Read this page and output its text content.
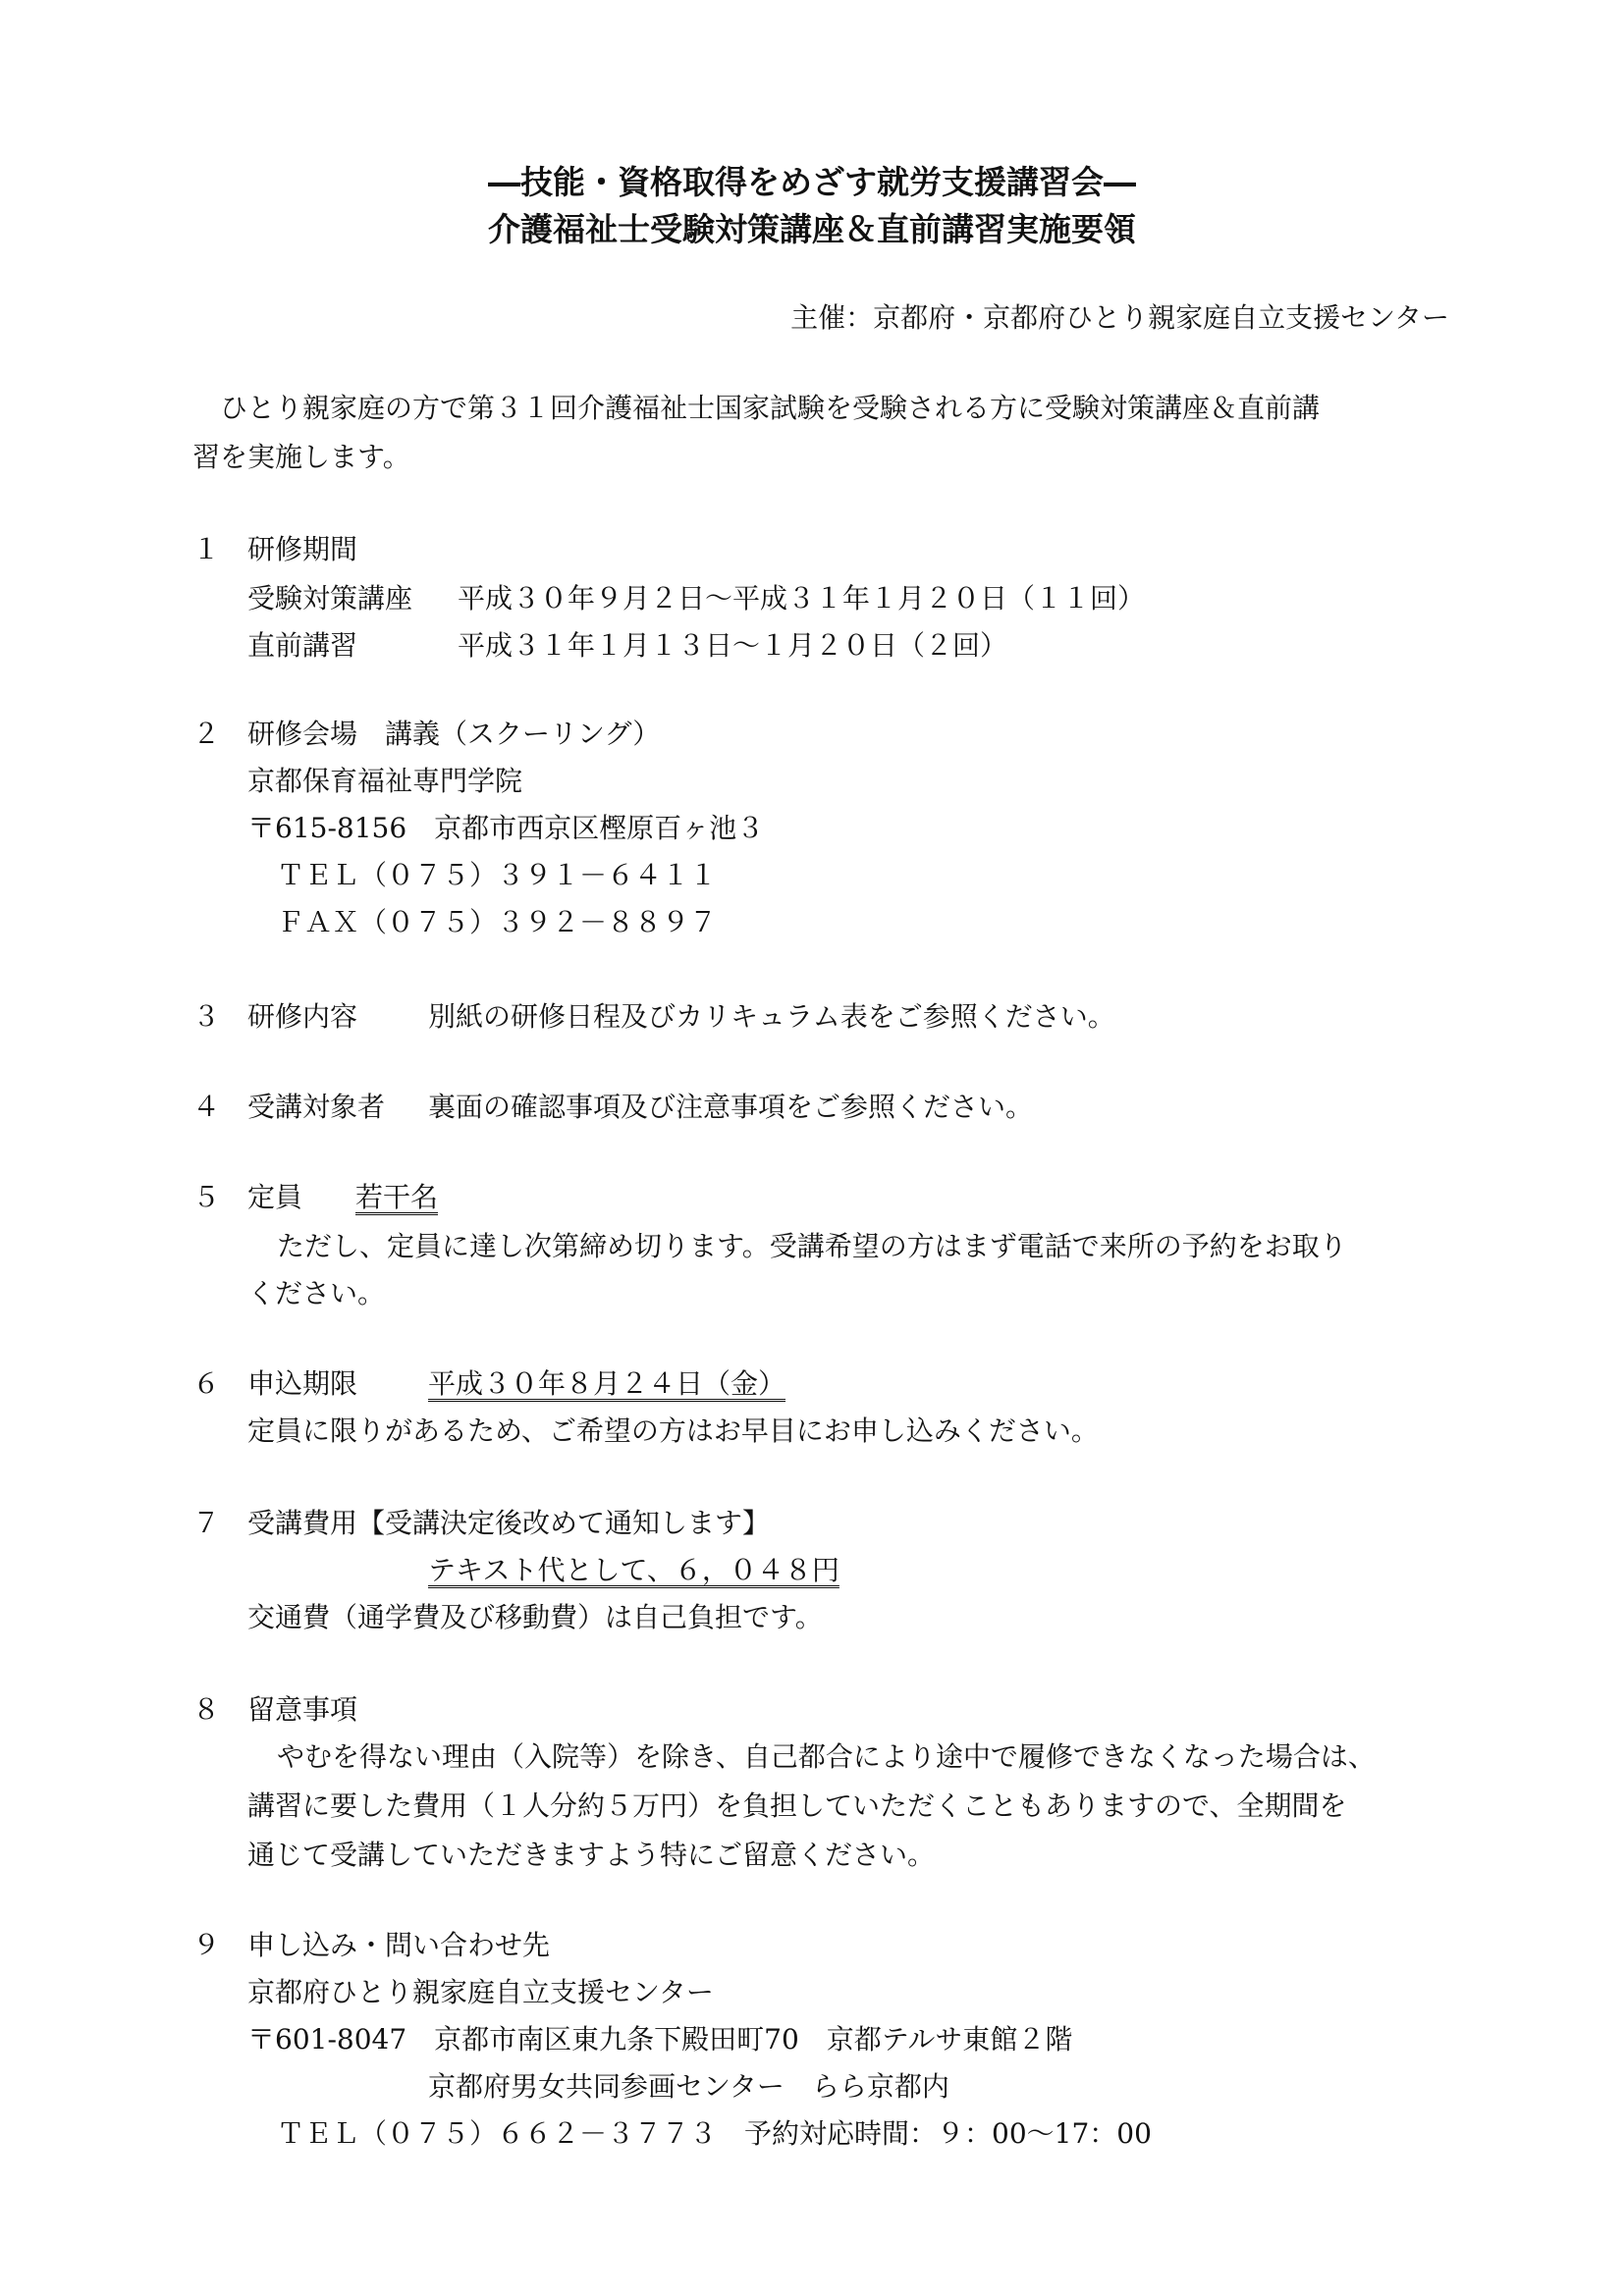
―技能・資格取得をめざす就労支援講習会―
介護福祉士受験対策講座＆直前講習実施要領
主催：京都府・京都府ひとり親家庭自立支援センター
ひとり親家庭の方で第３１回介護福祉士国家試験を受験される方に受験対策講座＆直前講
習を実施します。
１ 研修期間
受験対策講座 平成３０年９月２日～平成３１年１月２０日（１１回）
直前講習	平成３１年１月１３日～１月２０日（２回）
２ 研修会場　講義（スクーリング）
京都保育福祉専門学院
〒615-8156　京都市西京区樫原百ヶ池３
ＴＥＬ（０７５）３９１－６４１１
ＦＡＸ（０７５）３９２－８８９７
３ 研修内容	別紙の研修日程及びカリキュラム表をご参照ください。
４ 受講対象者 裏面の確認事項及び注意事項をご参照ください。
５ 定員 若干名
ただし、定員に達し次第締め切ります。受講希望の方はまず電話で来所の予約をお取り
ください。
６ 申込期限	平成３０年８月２４日（金）
定員に限りがあるため、ご希望の方はお早目にお申し込みください。
７ 受講費用【受講決定後改めて通知します】
テキスト代として、６，０４８円
交通費（通学費及び移動費）は自己負担です。
８ 留意事項
やむを得ない理由（入院等）を除き、自己都合により途中で履修できなくなった場合は、
講習に要した費用（１人分約５万円）を負担していただくこともありますので、全期間を
通じて受講していただきますよう特にご留意ください。
９ 申し込み・問い合わせ先
京都府ひとり親家庭自立支援センター
〒601-8047　京都市南区東九条下殿田町70　京都テルサ東館２階
京都府男女共同参画センター　らら京都内
ＴＥＬ（０７５）６６２－３７７３　予約対応時間：９：00～17：00
